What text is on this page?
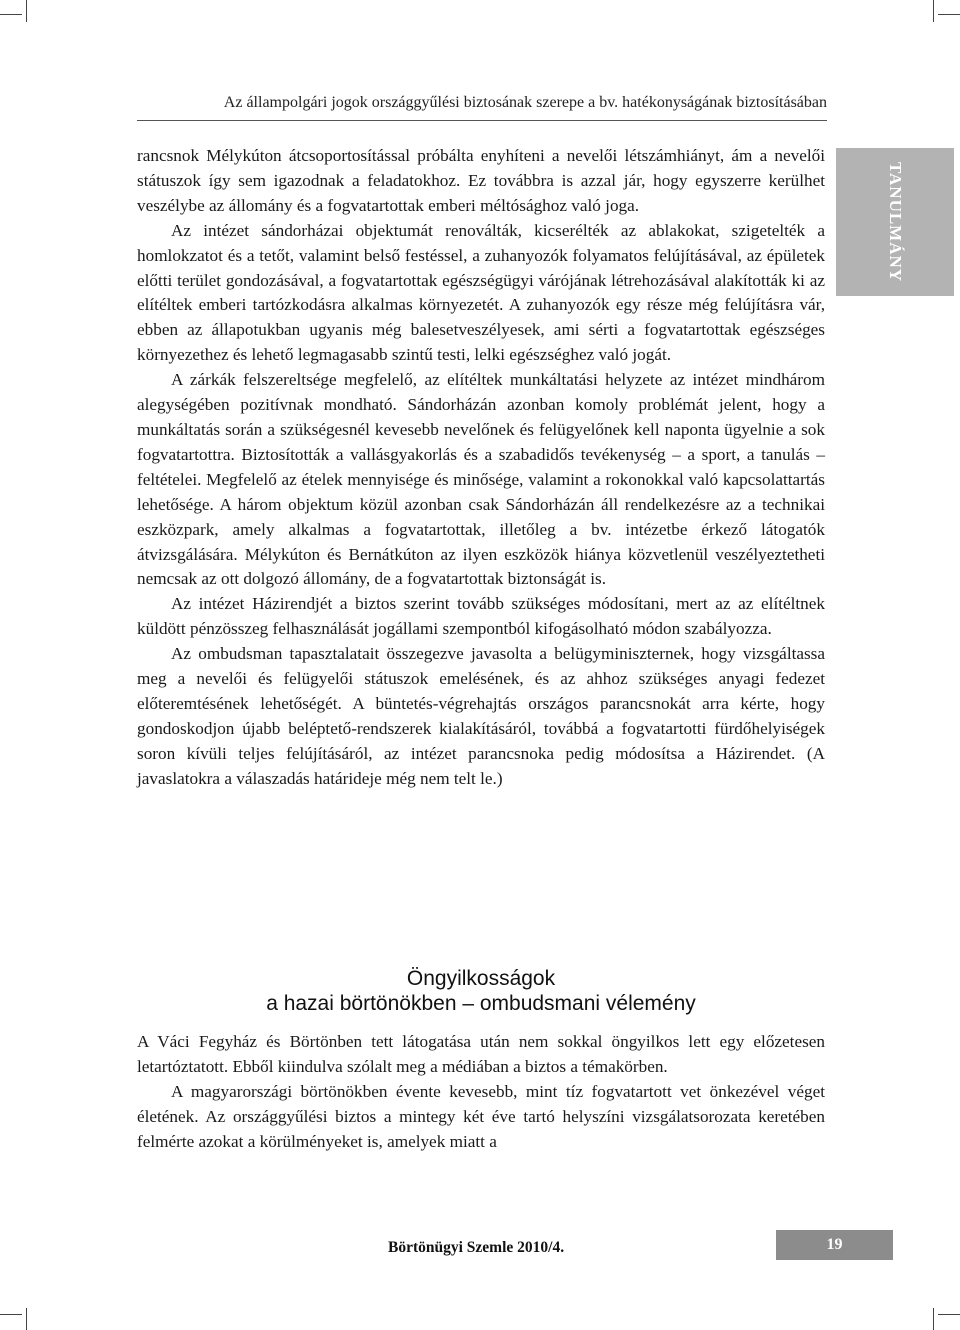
Az állampolgári jogok országgyűlési biztosának szerepe a bv. hatékonyságának biztosításában
TANULMÁNY

rancsnok Mélykúton átcsoportosítással próbálta enyhíteni a nevelői létszámhiányt, ám a nevelői státuszok így sem igazodnak a feladatokhoz. Ez továbbra is azzal jár, hogy egyszerre kerülhet veszélybe az állomány és a fogvatartottak emberi méltósághoz való joga.

Az intézet sándorházai objektumát renoválták, kicserélték az ablakokat, szigetelték a homlokzatot és a tetőt, valamint belső festéssel, a zuhanyozók folyamatos felújításával, az épületek előtti terület gondozásával, a fogvatartottak egészségügyi várójának létrehozásával alakították ki az elítéltek emberi tartózkodásra alkalmas környezetét. A zuhanyozók egy része még felújításra vár, ebben az állapotukban ugyanis még balesetveszélyesek, ami sérti a fogvatartottak egészséges környezethez és lehető legmagasabb szintű testi, lelki egészséghez való jogát.

A zárkák felszereltsége megfelelő, az elítéltek munkáltatási helyzete az intézet mindhárom alegységében pozitívnak mondható. Sándorházán azonban komoly problémát jelent, hogy a munkáltatás során a szükségesnél kevesebb nevelőnek és felügyelőnek kell naponta ügyelnie a sok fogvatartottra. Biztosították a vallásgyakorlás és a szabadidős tevékenység – a sport, a tanulás – feltételei. Megfelelő az ételek mennyisége és minősége, valamint a rokonokkal való kapcsolattartás lehetősége. A három objektum közül azonban csak Sándorházán áll rendelkezésre az a technikai eszközpark, amely alkalmas a fogvatartottak, illetőleg a bv. intézetbe érkező látogatók átvizsgálására. Mélykúton és Bernátkúton az ilyen eszközök hiánya közvetlenül veszélyeztetheti nemcsak az ott dolgozó állomány, de a fogvatartottak biztonságát is.

Az intézet Házirendjét a biztos szerint tovább szükséges módosítani, mert az az elítéltnek küldött pénzösszeg felhasználását jogállami szempontból kifogásolható módon szabályozza.

Az ombudsman tapasztalatait összegezve javasolta a belügyminiszternek, hogy vizsgáltassa meg a nevelői és felügyelői státuszok emelésének, és az ahhoz szükséges anyagi fedezet előteremtésének lehetőségét. A büntetés-végrehajtás országos parancsnokát arra kérte, hogy gondoskodjon újabb beléptető-rendszerek kialakításáról, továbbá a fogvatartotti fürdőhelyiségek soron kívüli teljes felújításáról, az intézet parancsnoka pedig módosítsa a Házirendet. (A javaslatokra a válaszadás határideje még nem telt le.)

Öngyilkosságok
a hazai börtönökben – ombudsmani vélemény

A Váci Fegyház és Börtönben tett látogatása után nem sokkal öngyilkos lett egy előzetesen letartóztatott. Ebből kiindulva szólalt meg a médiában a biztos a témakörben.

A magyarországi börtönökben évente kevesebb, mint tíz fogvatartott vet önkezével véget életének. Az országgyűlési biztos a mintegy két éve tartó helyszíni vizsgálatsorozata keretében felmérte azokat a körülményeket is, amelyek miatt a

Börtönügyi Szemle 2010/4.	19
